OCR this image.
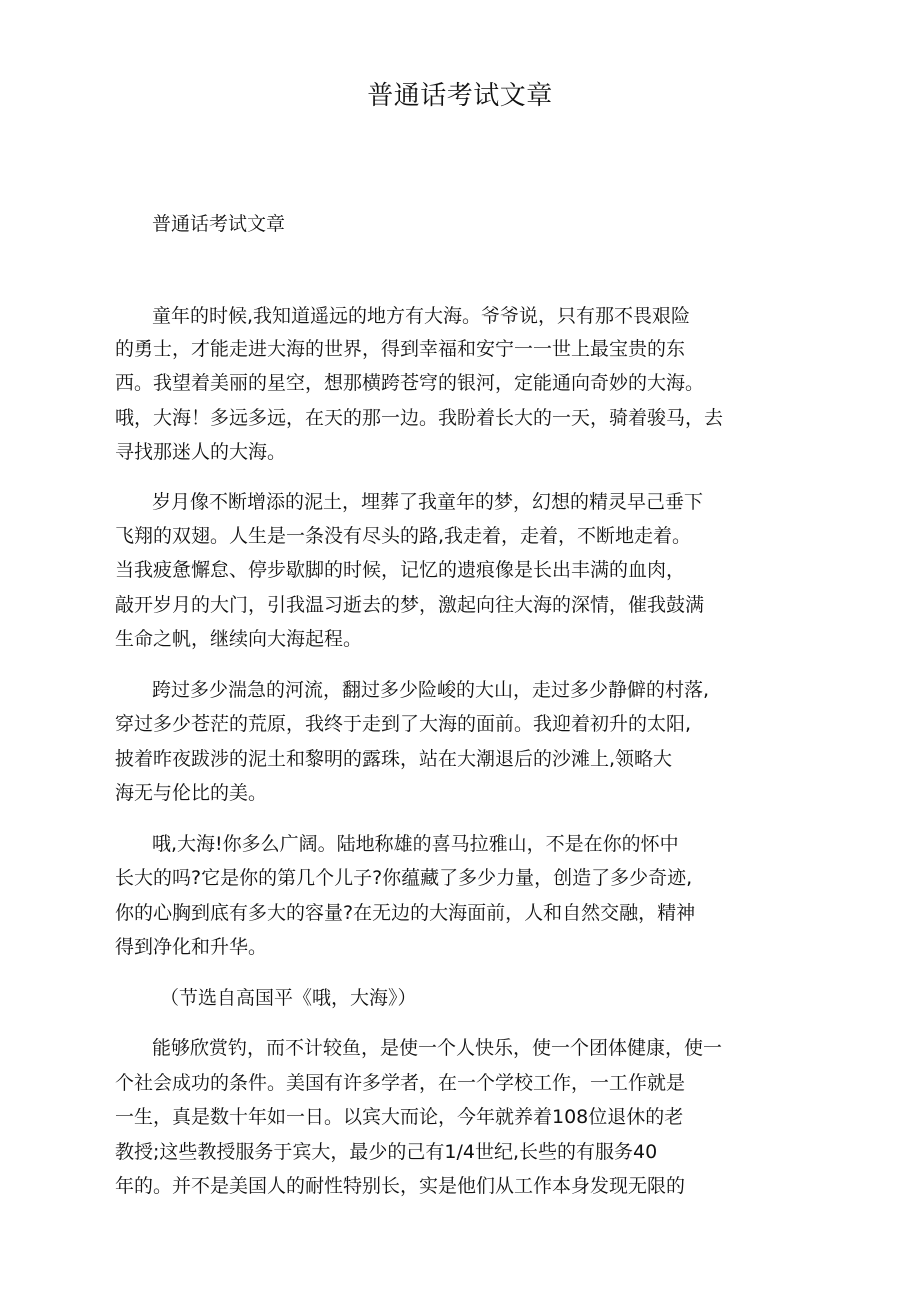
普通话考试文章
普通话考试文章
童年的时候,我知道遥远的地方有大海。爷爷说，只有那不畏艰险
的勇士，才能走进大海的世界，得到幸福和安宁一一世上最宝贵的东
西。我望着美丽的星空，想那横跨苍穹的银河，定能通向奇妙的大海。
哦，大海！多远多远，在天的那一边。我盼着长大的一天，骑着骏马，去
寻找那迷人的大海。
岁月像不断增添的泥土，埋葬了我童年的梦，幻想的精灵早己垂下
飞翔的双翅。人生是一条没有尽头的路,我走着，走着，不断地走着。
当我疲惫懈怠、停步歇脚的时候，记忆的遗痕像是长出丰满的血肉，
敲开岁月的大门，引我温习逝去的梦，激起向往大海的深情，催我鼓满
生命之帆，继续向大海起程。
跨过多少湍急的河流，翻过多少险峻的大山，走过多少静僻的村落,
穿过多少苍茫的荒原，我终于走到了大海的面前。我迎着初升的太阳,
披着昨夜跋涉的泥土和黎明的露珠，站在大潮退后的沙滩上,领略大
海无与伦比的美。
哦,大海!你多么广阔。陆地称雄的喜马拉雅山，不是在你的怀中
长大的吗?它是你的第几个儿子?你蕴藏了多少力量，创造了多少奇迹,
你的心胸到底有多大的容量?在无边的大海面前，人和自然交融，精神
得到净化和升华。
（节选自高国平《哦，大海》）
能够欣赏钓，而不计较鱼，是使一个人快乐，使一个团体健康，使一
个社会成功的条件。美国有许多学者，在一个学校工作，一工作就是
一生，真是数十年如一日。以宾大而论，今年就养着108位退休的老
教授;这些教授服务于宾大，最少的己有1/4世纪,长些的有服务40
年的。并不是美国人的耐性特别长，实是他们从工作本身发现无限的
